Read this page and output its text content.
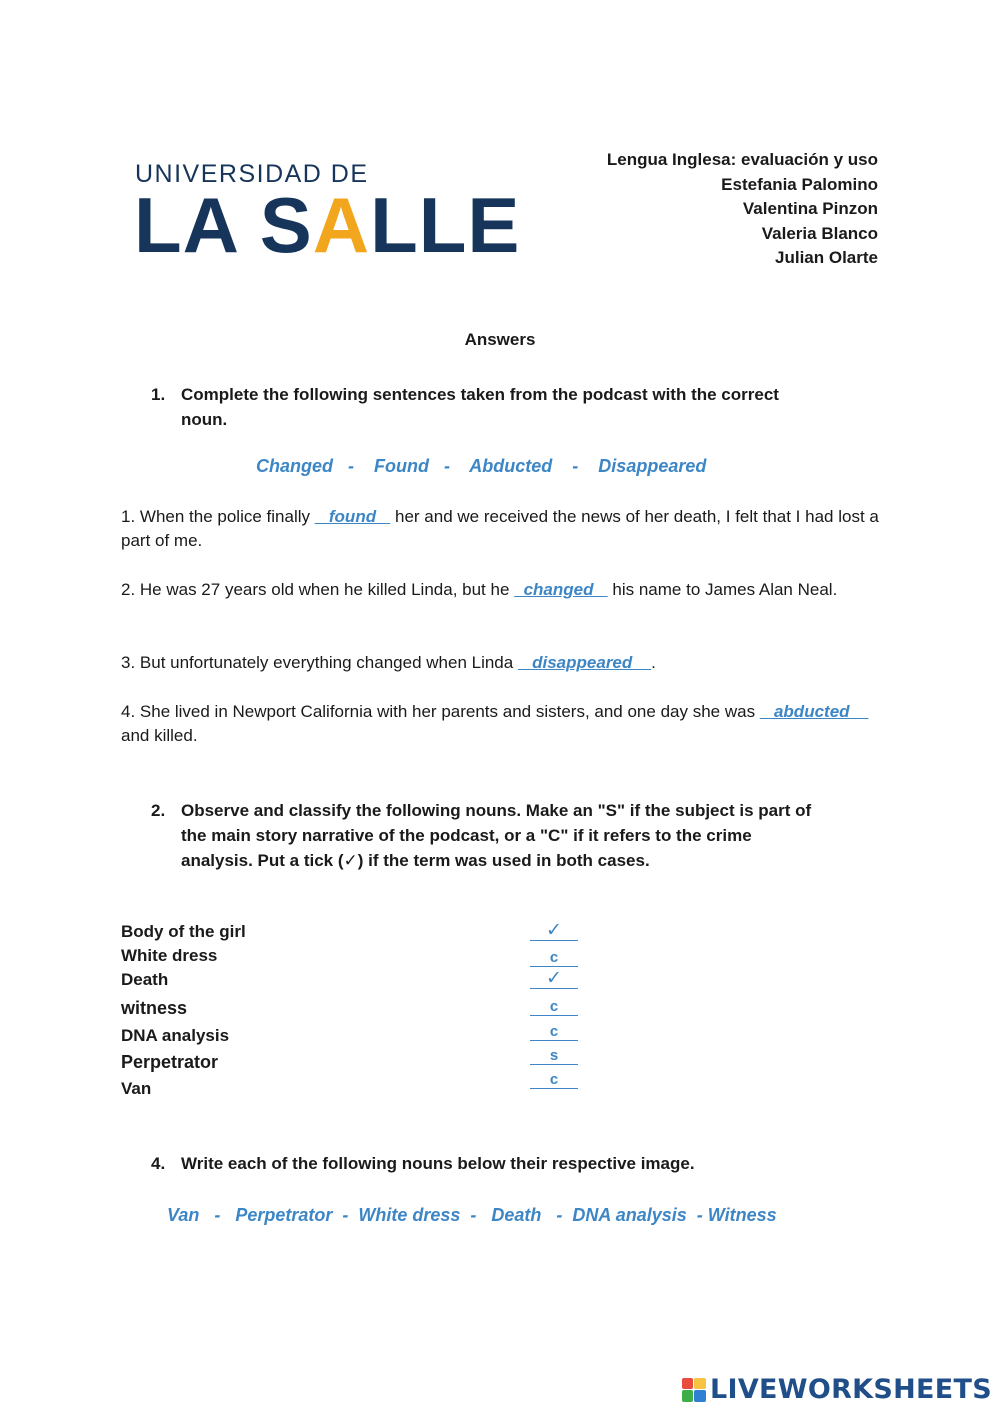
UNIVERSIDAD DE
LA SALLE
Lengua Inglesa: evaluación y uso
Estefania Palomino
Valentina Pinzon
Valeria Blanco
Julian Olarte
Answers
1. Complete the following sentences taken from the podcast with the correct
noun.
Changed   -    Found   -    Abducted    -    Disappeared
1. When the police finally    found    her and we received the news of her death, I felt that I had lost a part of me.
2. He was 27 years old when he killed Linda, but he   changed    his name to James Alan Neal.
3. But unfortunately everything changed when Linda    disappeared    .
4. She lived in Newport California with her parents and sisters, and one day she was    abducted     and killed.
2. Observe and classify the following nouns. Make an "S" if the subject is part of
the main story narrative of the podcast, or a "C" if it refers to the crime
analysis. Put a tick (✓) if the term was used in both cases.
Body of the girl	✓
White dress	c
Death	✓
witness	c
DNA analysis	c
Perpetrator	s
Van	c
4. Write each of the following nouns below their respective image.
Van   -   Perpetrator  -  White dress  -   Death   -  DNA analysis  - Witness
LIVEWORKSHEETS
